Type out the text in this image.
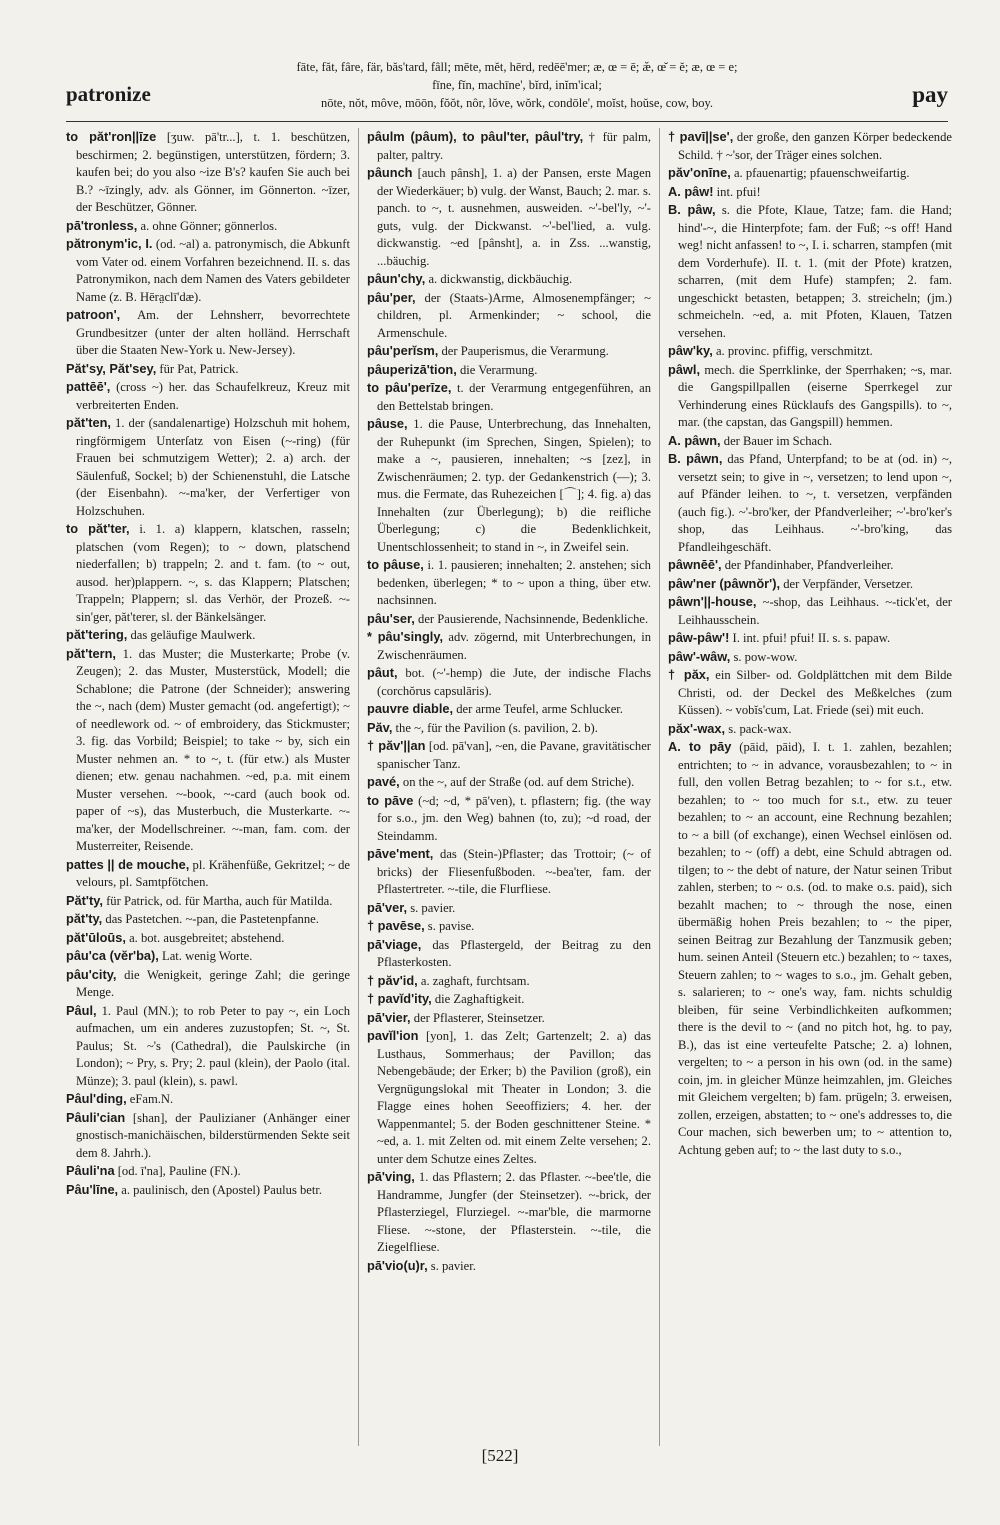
patronize
fāte, făt, fâre, fär, băs'tard, fâll; mēte, mĕt, hērd, redēē'mer; æ, œ = ē; æ̆, œ̆ = ĕ; æ, œ = e;
fīne, fĭn, machīne', bĭrd, inĭm'ical;
nōte, nŏt, môve, mōōn, fŏŏt, nôr, lŏve, wŏrk, condōle', moĭst, hoŭse, cow, boy.	pay
to păt'ron||īze [ʒuw. pā'tr...], t. 1. beschützen, beschirmen; 2. begünstigen, unterstützen, fördern; 3. kaufen bei; do you also ~ize B's? kaufen Sie auch bei B.? ~īzingly, adv. als Gönner, im Gönnerton. ~īzer, der Beschützer, Gönner.
pā'tronless, a. ohne Gönner; gönnerlos.
pătronym'ic, I. (od. ~al) a. patronymisch, die Abkunft vom Vater od. einem Vorfahren bezeichnend. II. s. das Patronymikon, nach dem Namen des Vaters gebildeter Name (z. B. Hēra̤clī'dæ).
patroon', Am. der Lehnsherr, bevorrechtete Grundbesitzer (unter der alten holländ. Herrschaft über die Staaten New-York u. New-Jersey).
Păt'sy, Păt'sey, für Pat, Patrick.
pattēē', (cross ~) her. das Schaufelkreuz, Kreuz mit verbreiterten Enden.
păt'ten, 1. der (sandalenartige) Holzschuh mit hohem, ringförmigem Unterſatz von Eisen (~-ring) (für Frauen bei schmutzigem Wetter); 2. a) arch. der Säulenfuß, Sockel; b) der Schienenstuhl, die Latsche (der Eisenbahn). ~-ma'ker, der Verfertiger von Holzschuhen.
to păt'ter, i. 1. a) klappern, klatschen, rasseln; platschen (vom Regen); to ~ down, platschend niederfallen; b) trappeln; 2. and t. fam. (to ~ out, ausod. her)plappern. ~, s. das Klappern; Platschen; Trappeln; Plappern; sl. das Verhör, der Prozeß. ~-sin'ger, păt'terer, sl. der Bänkelsänger.
păt'tering, das geläufige Maulwerk.
păt'tern, 1. das Muster; die Musterkarte; Probe (v. Zeugen); 2. das Muster, Musterstück, Modell; die Schablone; die Patrone (der Schneider); answering the ~, nach (dem) Muster gemacht (od. angefertigt); ~ of needlework od. ~ of embroidery, das Stickmuster; 3. fig. das Vorbild; Beispiel; to take ~ by, sich ein Muster nehmen an. * to ~, t. (für etw.) als Muster dienen; etw. genau nachahmen. ~ed, p.a. mit einem Muster versehen. ~-book, ~-card (auch book od. paper of ~s), das Musterbuch, die Musterkarte. ~-ma'ker, der Modellschreiner. ~-man, fam. com. der Musterreiter, Reisende.
pattes || de mouche, pl. Krähenfüße, Gekritzel; ~ de velours, pl. Samtpfötchen.
Păt'ty, für Patrick, od. für Martha, auch für Matilda.
păt'ty, das Pastetchen. ~-pan, die Pastetenpfanne.
păt'ūloūs, a. bot. ausgebreitet; abstehend.
pâu'ca (vĕr'ba), Lat. wenig Worte.
pâu'city, die Wenigkeit, geringe Zahl; die geringe Menge.
Pâul, 1. Paul (MN.); to rob Peter to pay ~, ein Loch aufmachen, um ein anderes zuzustopfen; St. ~, St. Paulus; St. ~'s (Cathedral), die Paulskirche (in London); ~ Pry, s. Pry; 2. paul (klein), der Paolo (ital. Münze); 3. paul (klein), s. pawl.
Pâul'ding, eFam.N.
Pâuli'cian [shan], der Paulizianer (Anhänger einer gnostisch-manichäischen, bilderstürmenden Sekte seit dem 8. Jahrh.).
Pâuli'na [od. ī'na], Pauline (FN.).
Pâu'līne, a. paulinisch, den (Apostel) Paulus betr.
pâulm (pâum), to pâul'ter, pâul'try, † für palm, palter, paltry.
pâunch [auch pânsh], 1. a) der Pansen, erste Magen der Wiederkäuer; b) vulg. der Wanst, Bauch; 2. mar. s. panch. to ~, t. ausnehmen, ausweiden. ~'-bel'ly, ~'-guts, vulg. der Dickwanst. ~'-bel'lied, a. vulg. dickwanstig. ~ed [pânsht], a. in Zss. ...wanstig, ...bäuchig.
pâun'chy, a. dickwanstig, dickbäuchig.
pâu'per, der (Staats-)Arme, Almosenempfänger; ~ children, pl. Armenkinder; ~ school, die Armenschule.
pâu'perĭsm, der Pauperismus, die Verarmung.
pâuperizā'tion, die Verarmung.
to pâu'perīze, t. der Verarmung entgegenführen, an den Bettelstab bringen.
pâuse, 1. die Pause, Unterbrechung, das Innehalten, der Ruhepunkt (im Sprechen, Singen, Spielen); to make a ~, pausieren, innehalten; ~s [zez], in Zwischenräumen; 2. typ. der Gedankenstrich (—); 3. mus. die Fermate, das Ruhezeichen [⌒]; 4. fig. a) das Innehalten (zur Überlegung); b) die reifliche Überlegung; c) die Bedenklichkeit, Unentschlossenheit; to stand in ~, in Zweifel sein.
to pâuse, i. 1. pausieren; innehalten; 2. anstehen; sich bedenken, überlegen; * to ~ upon a thing, über etw. nachsinnen.
pâu'ser, der Pausierende, Nachsinnende, Bedenkliche.
* pâu'singly, adv. zögernd, mit Unterbrechungen, in Zwischenräumen.
pâut, bot. (~'-hemp) die Jute, der indische Flachs (corchŏrus capsulāris).
pauvre diable, der arme Teufel, arme Schlucker.
Păv, the ~, für the Pavilion (s. pavilion, 2. b).
† păv'||an [od. pā'van], ~en, die Pavane, gravitätischer spanischer Tanz.
pavé, on the ~, auf der Straße (od. auf dem Striche).
to pāve (~d; ~d, * pā'ven), t. pflastern; fig. (the way for s.o., jm. den Weg) bahnen (to, zu); ~d road, der Steindamm.
pāve'ment, das (Stein-)Pflaster; das Trottoir; (~ of bricks) der Fliesenfußboden. ~-bea'ter, fam. der Pflastertreter. ~-tile, die Flurfliese.
pā'ver, s. pavier.
† pavēse, s. pavise.
pā'viage, das Pflastergeld, der Beitrag zu den Pflasterkosten.
† păv'id, a. zaghaft, furchtsam.
† pavĭd'ity, die Zaghaftigkeit.
pā'vier, der Pflasterer, Steinsetzer.
pavĭl'ion [yon], 1. das Zelt; Gartenzelt; 2. a) das Lusthaus, Sommerhaus; der Pavillon; das Nebengebäude; der Erker; b) the Pavilion (groß), ein Vergnügungslokal mit Theater in London; 3. die Flagge eines hohen Seeoffiziers; 4. her. der Wappenmantel; 5. der Boden geschnittener Steine. * ~ed, a. 1. mit Zelten od. mit einem Zelte versehen; 2. unter dem Schutze eines Zeltes.
pā'ving, 1. das Pflastern; 2. das Pflaster. ~-bee'tle, die Handramme, Jungfer (der Steinsetzer). ~-brick, der Pflasterziegel, Flurziegel. ~-mar'ble, die marmorne Fliese. ~-stone, der Pflasterstein. ~-tile, die Ziegelfliese.
pā'vio(u)r, s. pavier.
† pavī||se', der große, den ganzen Körper bedeckende Schild. † ~'sor, der Träger eines solchen.
păv'onīne, a. pfauenartig; pfauenschweifartig.
A. pâw! int. pfui!
B. pâw, s. die Pfote, Klaue, Tatze; fam. die Hand; hind'-~, die Hinterpfote; fam. der Fuß; ~s off! Hand weg! nicht anfassen! to ~, I. i. scharren, stampfen (mit dem Vorderhufe). II. t. 1. (mit der Pfote) kratzen, scharren, (mit dem Hufe) stampfen; 2. fam. ungeschickt betasten, betappen; 3. streicheln; (jm.) schmeicheln. ~ed, a. mit Pfoten, Klauen, Tatzen versehen.
pâw'ky, a. provinc. pfiffig, verschmitzt.
pâwl, mech. die Sperrklinke, der Sperrhaken; ~s, mar. die Gangspillpallen (eiserne Sperrkegel zur Verhinderung eines Rücklaufs des Gangspills). to ~, mar. (the capstan, das Gangspill) hemmen.
A. pâwn, der Bauer im Schach.
B. pâwn, das Pfand, Unterpfand; to be at (od. in) ~, versetzt sein; to give in ~, versetzen; to lend upon ~, auf Pfänder leihen. to ~, t. versetzen, verpfänden (auch fig.). ~'-bro'ker, der Pfandverleiher; ~'-bro'ker's shop, das Leihhaus. ~'-bro'king, das Pfandleihgeschäft.
pâwnēē', der Pfandinhaber, Pfandverleiher.
pâw'ner (pâwnŏr'), der Verpfänder, Versetzer.
pâwn'||-house, ~-shop, das Leihhaus. ~-tick'et, der Leihhausschein.
pâw-pâw'! I. int. pfui! pfui! II. s. s. papaw.
pâw'-wâw, s. pow-wow.
† păx, ein Silber- od. Goldplättchen mit dem Bilde Christi, od. der Deckel des Meßkelches (zum Küssen). ~ vobĭs'cum, Lat. Friede (sei) mit euch.
păx'-wax, s. pack-wax.
A. to pāy (pāid, pāid), I. t. 1. zahlen, bezahlen; entrichten; to ~ in advance, vorausbezahlen; to ~ in full, den vollen Betrag bezahlen; to ~ for s.t., etw. bezahlen; to ~ too much for s.t., etw. zu teuer bezahlen; to ~ an account, eine Rechnung bezahlen; to ~ a bill (of exchange), einen Wechsel einlösen od. bezahlen; to ~ (off) a debt, eine Schuld abtragen od. tilgen; to ~ the debt of nature, der Natur seinen Tribut zahlen, sterben; to ~ o.s. (od. to make o.s. paid), sich bezahlt machen; to ~ through the nose, einen übermäßig hohen Preis bezahlen; to ~ the piper, seinen Beitrag zur Bezahlung der Tanzmusik geben; hum. seinen Anteil (Steuern etc.) bezahlen; to ~ taxes, Steuern zahlen; to ~ wages to s.o., jm. Gehalt geben, s. salarieren; to ~ one's way, fam. nichts schuldig bleiben, für seine Verbindlichkeiten aufkommen; there is the devil to ~ (and no pitch hot, hg. to pay, B.), das ist eine verteufelte Patsche; 2. a) lohnen, vergelten; to ~ a person in his own (od. in the same) coin, jm. in gleicher Münze heimzahlen, jm. Gleiches mit Gleichem vergelten; b) fam. prügeln; 3. erweisen, zollen, erzeigen, abstatten; to ~ one's addresses to, die Cour machen, sich bewerben um; to ~ attention to, Achtung geben auf; to ~ the last duty to s.o.,
[522]
